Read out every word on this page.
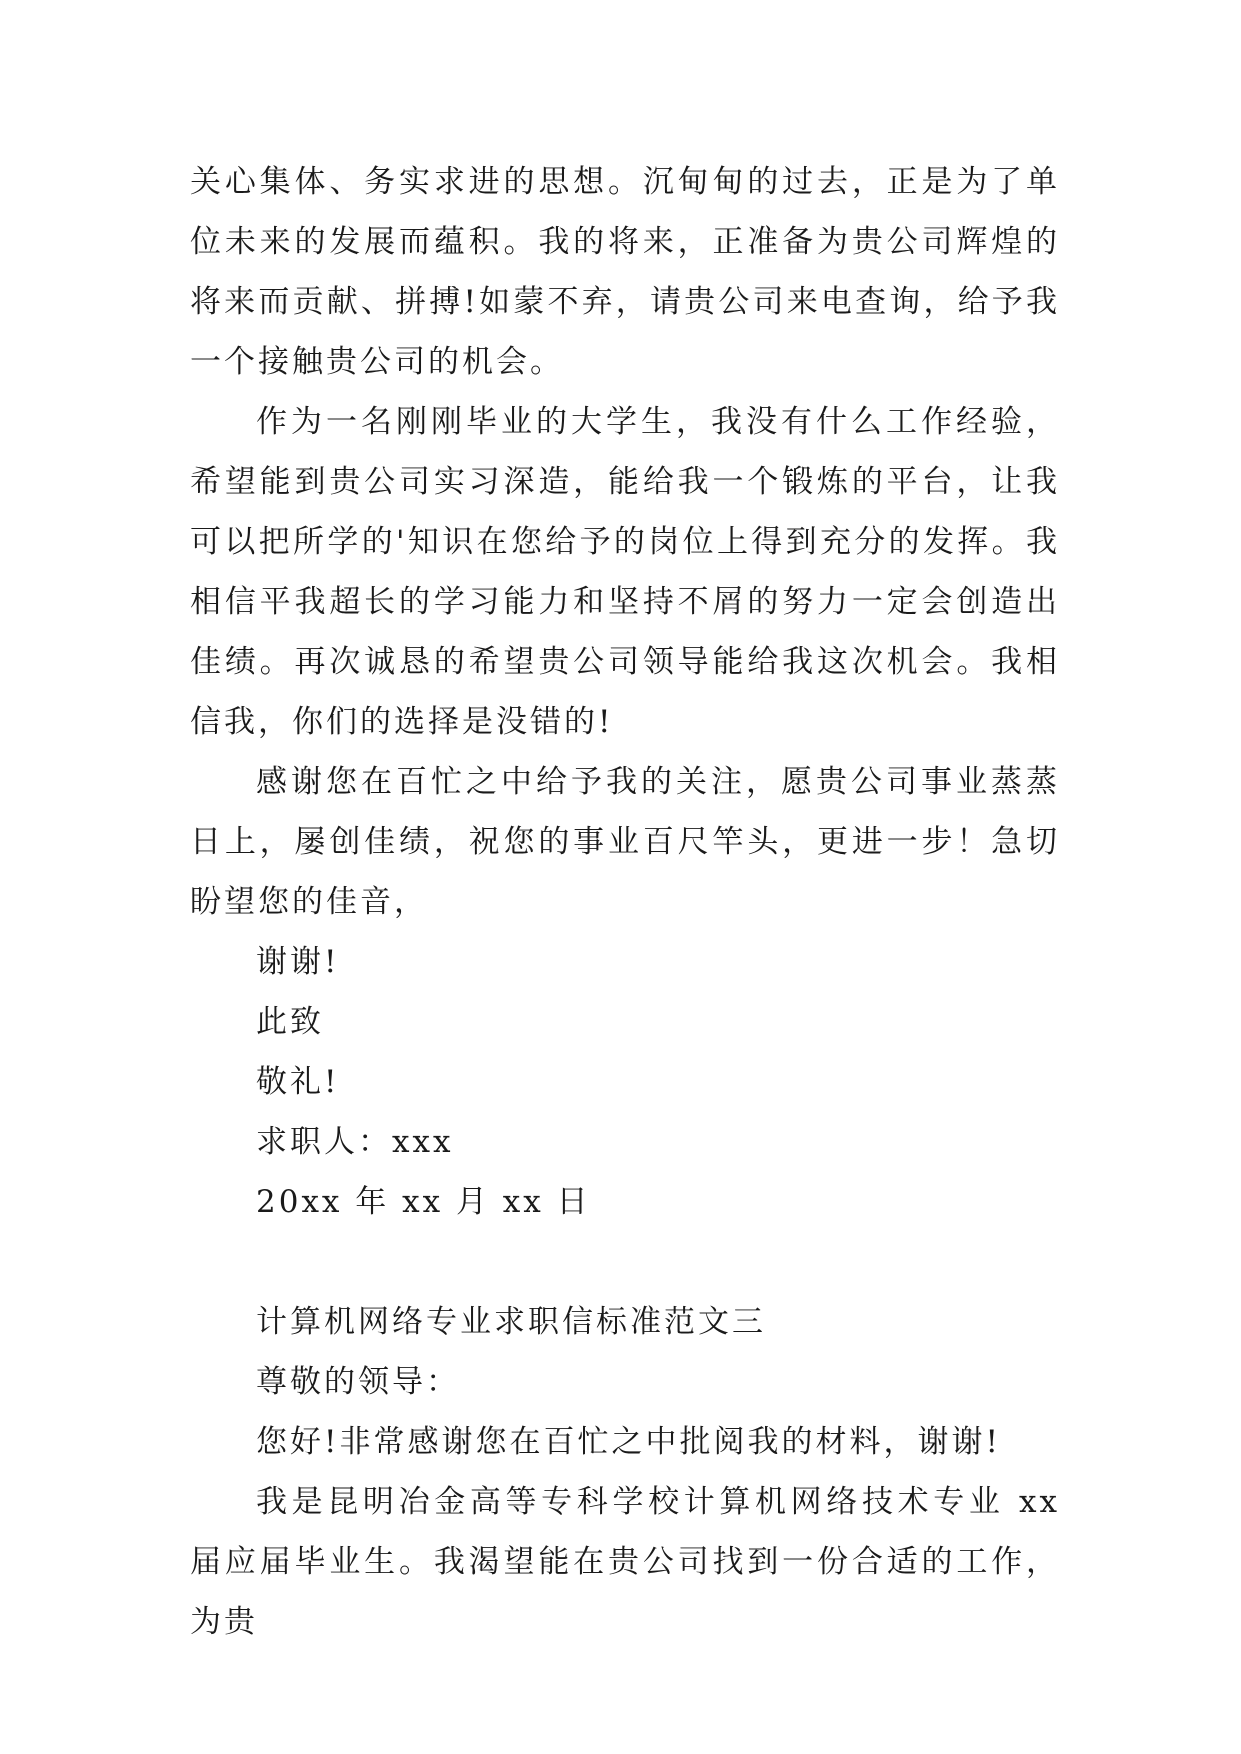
关心集体、务实求进的思想。沉甸甸的过去，正是为了单位未来的发展而蕴积。我的将来，正准备为贵公司辉煌的将来而贡献、拼搏!如蒙不弃，请贵公司来电查询，给予我一个接触贵公司的机会。

作为一名刚刚毕业的大学生，我没有什么工作经验，希望能到贵公司实习深造，能给我一个锻炼的平台，让我可以把所学的'知识在您给予的岗位上得到充分的发挥。我相信平我超长的学习能力和坚持不屑的努力一定会创造出佳绩。再次诚恳的希望贵公司领导能给我这次机会。我相信我，你们的选择是没错的!

感谢您在百忙之中给予我的关注，愿贵公司事业蒸蒸日上，屡创佳绩，祝您的事业百尺竿头，更进一步！急切盼望您的佳音，

谢谢!

此致

敬礼!

求职人：xxx

20xx 年 xx 月 xx 日

计算机网络专业求职信标准范文三

尊敬的领导：

您好!非常感谢您在百忙之中批阅我的材料，谢谢!

我是昆明冶金高等专科学校计算机网络技术专业 xx 届应届毕业生。我渴望能在贵公司找到一份合适的工作，为贵
